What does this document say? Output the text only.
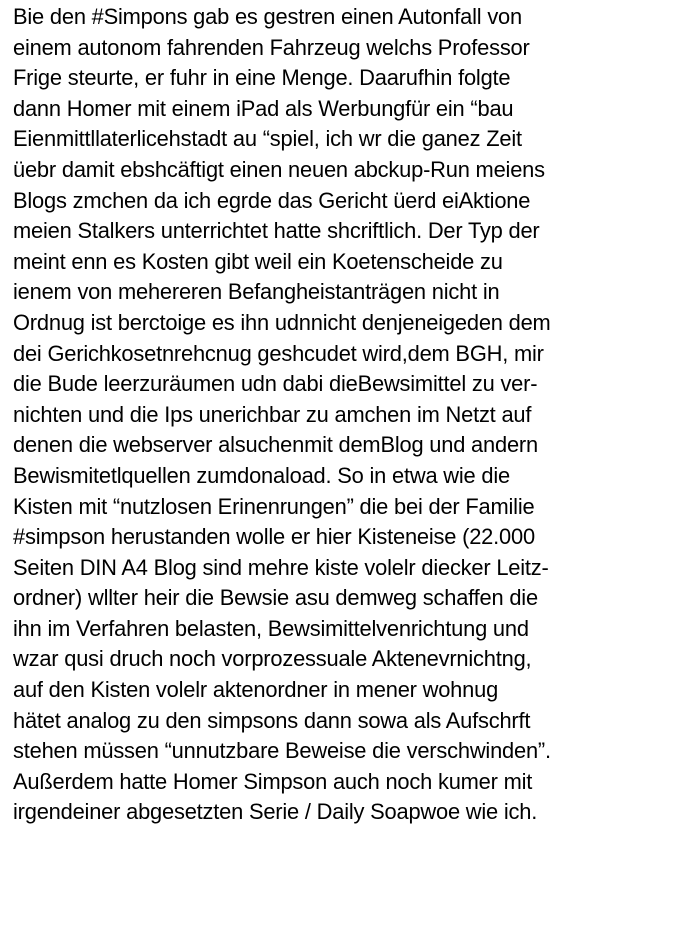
Bie den #Simpons gab es gestren einen Autonfall von
einem autonom fahrenden Fahrzeug welchs Professor
Frige steurte, er fuhr in eine Menge. Daarufhin folgte
dann Homer mit einem iPad als Werbungfür ein “bau
Eienmittllaterlicehstadt au “spiel, ich wr die ganez Zeit
üebr damit ebshcäftigt einen neuen abckup-Run meiens
Blogs zmchen da ich egrde das Gericht üerd eiAktione
meien Stalkers unterrichtet hatte shcriftlich. Der Typ der
meint enn es Kosten gibt weil ein Koetenscheide zu
ienem von mehereren Befangheistanträgen nicht in
Ordnug ist berctoige es ihn udnnicht denjeneigeden dem
dei Gerichkosetnrehcnug geshcudet wird,dem BGH, mir
die Bude leerzuräumen udn dabi dieBewsimittel zu ver-
nichten und die Ips unerichbar zu amchen im Netzt auf
denen die webserver alsuchenmit demBlog und andern
Bewismitetlquellen zumdonaload. So in etwa wie die
Kisten mit “nutzlosen Erinenrungen” die bei der Familie
#simpson herustanden wolle er hier Kisteneise (22.000
Seiten DIN A4 Blog sind mehre kiste volelr diecker Leitz-
ordner) wllter heir die Bewsie asu demweg schaffen die
ihn im Verfahren belasten, Bewsimittelvenrichtung und
wzar qusi druch noch vorprozessuale Aktenevrnichtng,
auf den Kisten volelr aktenordner in mener wohnug
hätet analog zu den simpsons dann sowa als Aufschrft
stehen müssen “unnutzbare Beweise die verschwinden”.
Außerdem hatte Homer Simpson auch noch kumer mit
irgendeiner abgesetzten Serie / Daily Soapwoe wie ich.
